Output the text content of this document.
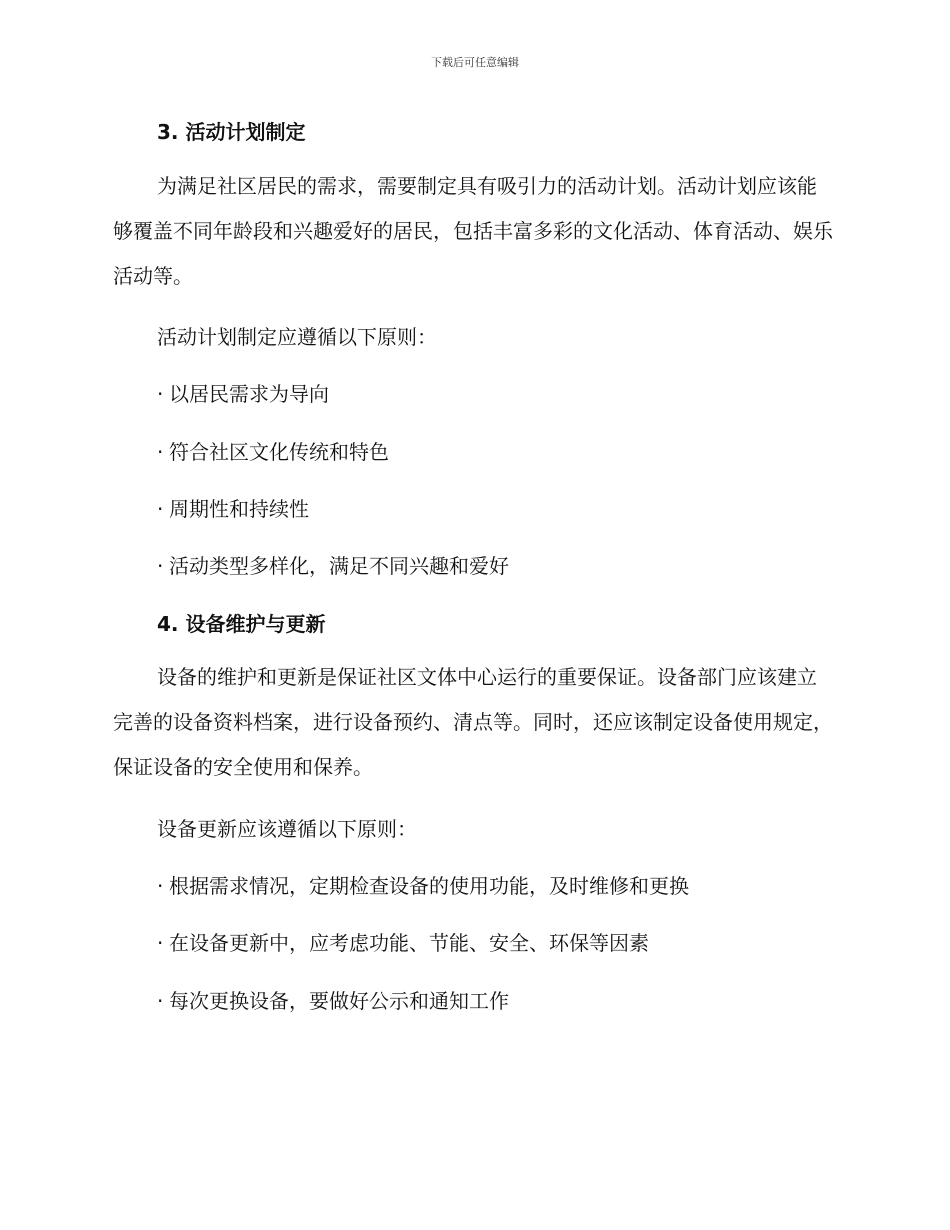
下载后可任意编辑
3. 活动计划制定
为满足社区居民的需求，需要制定具有吸引力的活动计划。活动计划应该能够覆盖不同年龄段和兴趣爱好的居民，包括丰富多彩的文化活动、体育活动、娱乐活动等。
活动计划制定应遵循以下原则：
· 以居民需求为导向
· 符合社区文化传统和特色
· 周期性和持续性
· 活动类型多样化，满足不同兴趣和爱好
4. 设备维护与更新
设备的维护和更新是保证社区文体中心运行的重要保证。设备部门应该建立完善的设备资料档案，进行设备预约、清点等。同时，还应该制定设备使用规定，保证设备的安全使用和保养。
设备更新应该遵循以下原则：
· 根据需求情况，定期检查设备的使用功能，及时维修和更换
· 在设备更新中，应考虑功能、节能、安全、环保等因素
· 每次更换设备，要做好公示和通知工作
